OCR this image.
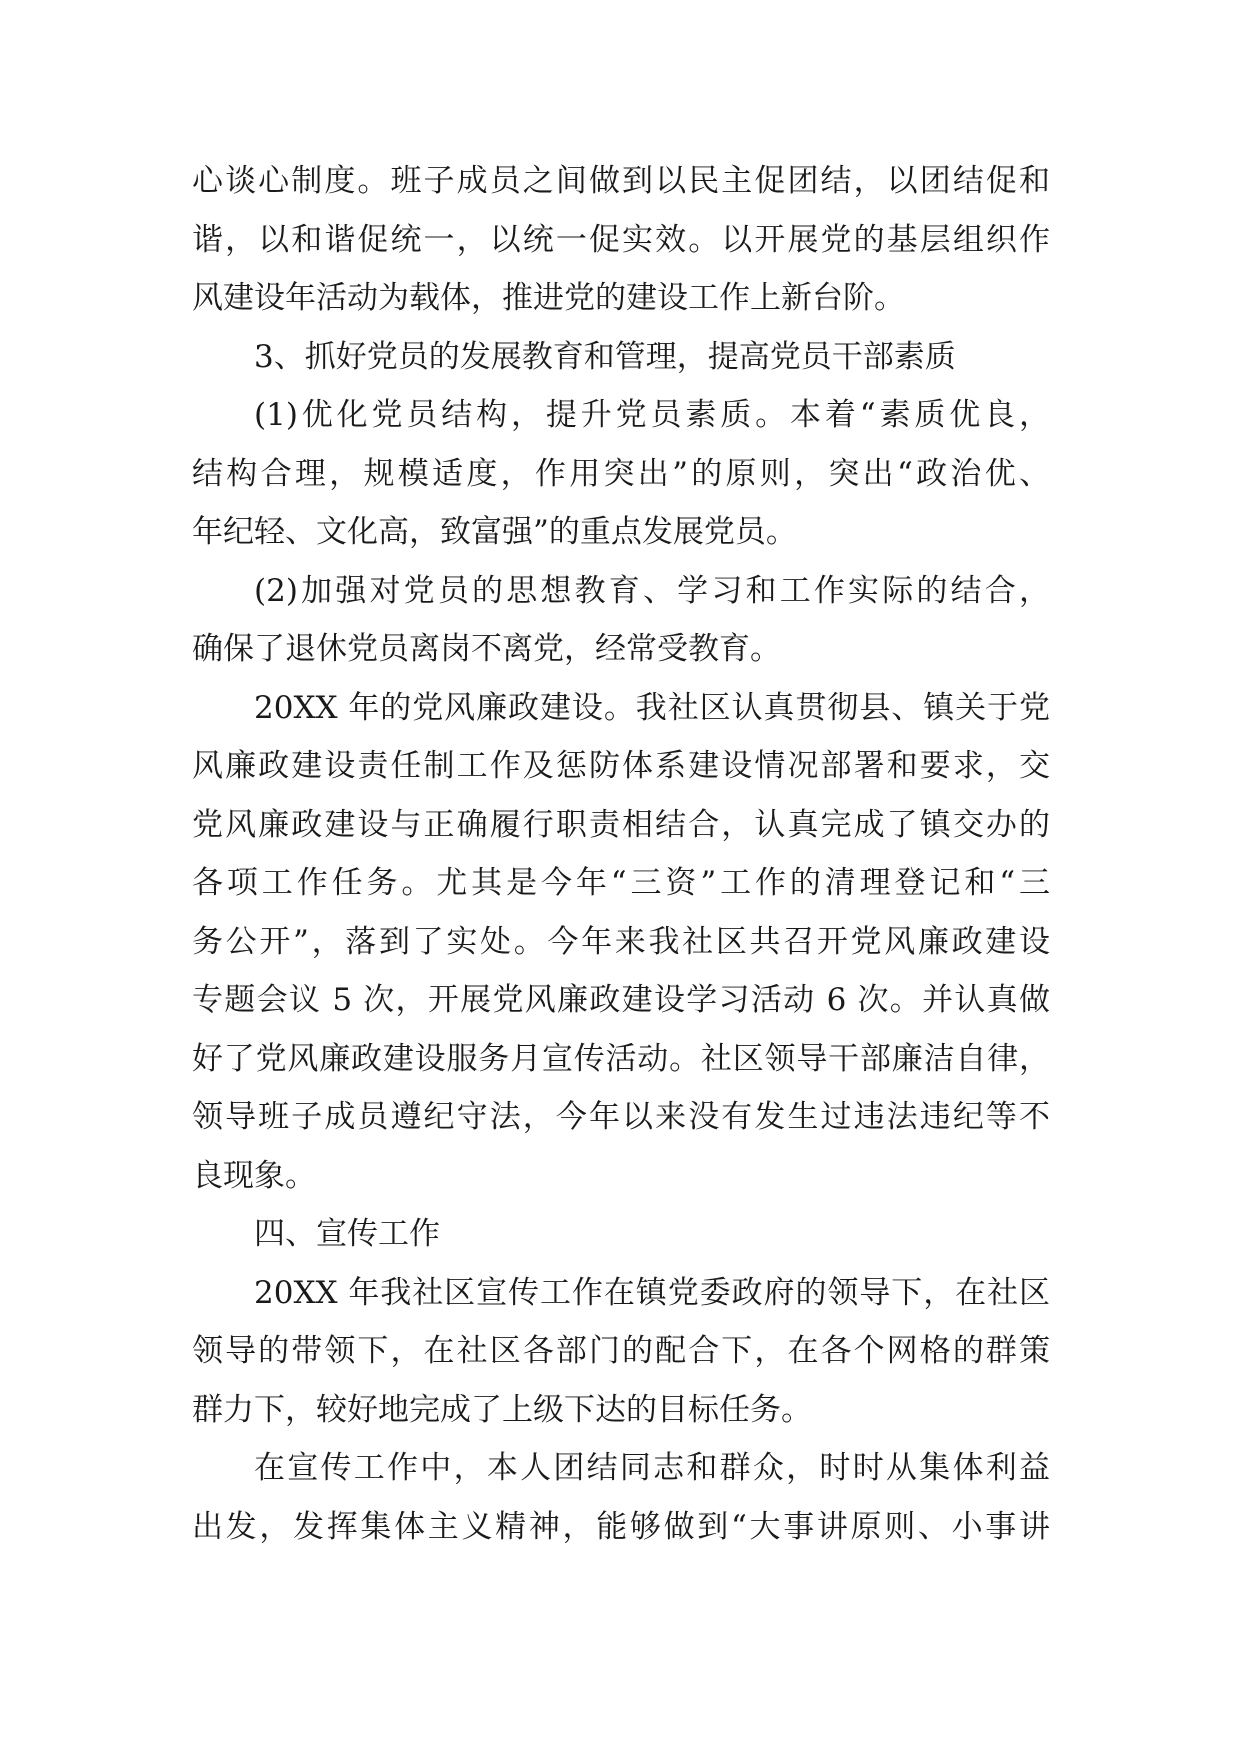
心谈心制度。班子成员之间做到以民主促团结，以团结促和
谐，以和谐促统一，以统一促实效。以开展党的基层组织作
风建设年活动为载体，推进党的建设工作上新台阶。
3、抓好党员的发展教育和管理，提高党员干部素质
(1)优化党员结构，提升党员素质。本着“素质优良，
结构合理，规模适度，作用突出”的原则，突出“政治优、
年纪轻、文化高，致富强”的重点发展党员。
(2)加强对党员的思想教育、学习和工作实际的结合，
确保了退休党员离岗不离党，经常受教育。
20XX 年的党风廉政建设。我社区认真贯彻县、镇关于党
风廉政建设责任制工作及惩防体系建设情况部署和要求，交
党风廉政建设与正确履行职责相结合，认真完成了镇交办的
各项工作任务。尤其是今年“三资”工作的清理登记和“三
务公开”，落到了实处。今年来我社区共召开党风廉政建设
专题会议 5 次，开展党风廉政建设学习活动 6 次。并认真做
好了党风廉政建设服务月宣传活动。社区领导干部廉洁自律，
领导班子成员遵纪守法，今年以来没有发生过违法违纪等不
良现象。
四、宣传工作
20XX 年我社区宣传工作在镇党委政府的领导下，在社区
领导的带领下，在社区各部门的配合下，在各个网格的群策
群力下，较好地完成了上级下达的目标任务。
在宣传工作中，本人团结同志和群众，时时从集体利益
出发，发挥集体主义精神，能够做到“大事讲原则、小事讲
